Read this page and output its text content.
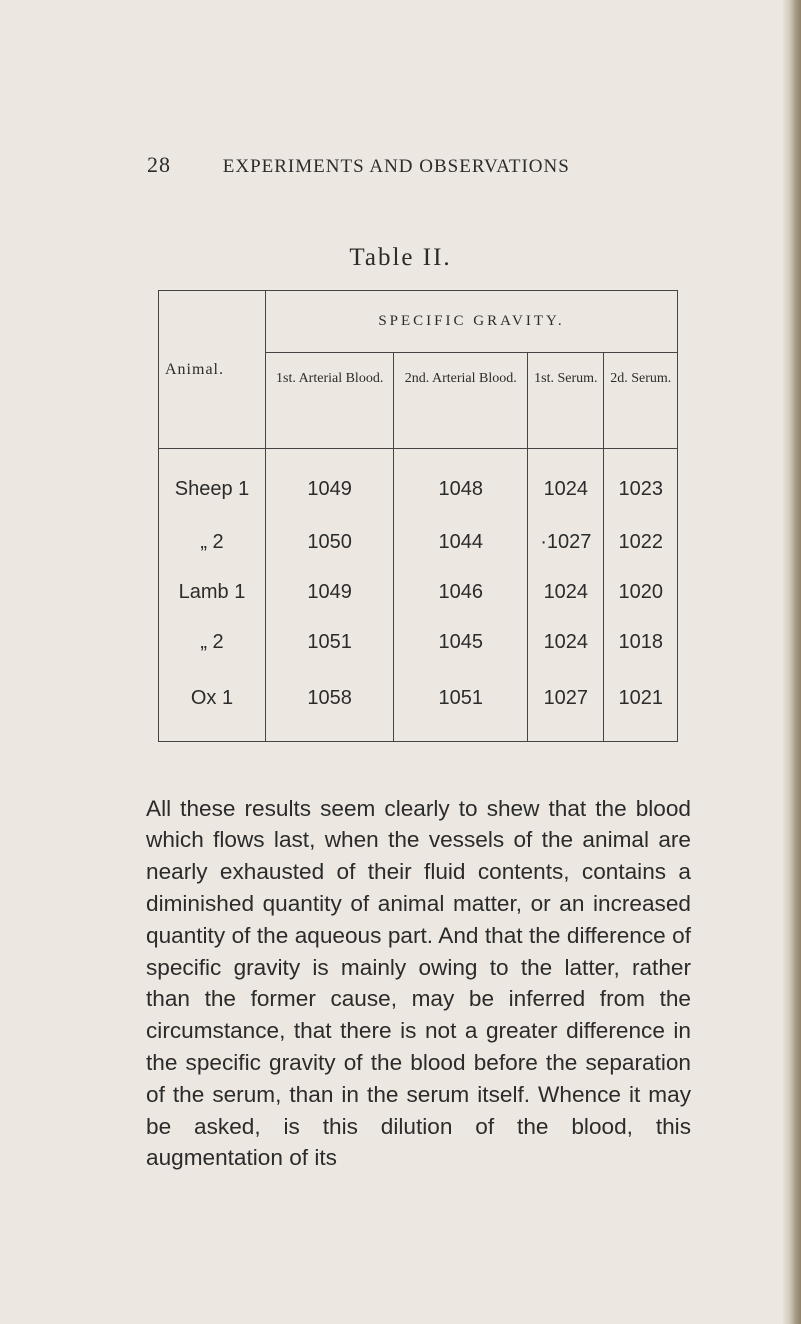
28	EXPERIMENTS AND OBSERVATIONS
Table II.
Animal.	SPECIFIC GRAVITY.			
	1st. Arterial Blood.	2nd. Arterial Blood.	1st. Serum.	2d. Serum.
Sheep 1	1049	1048	1024	1023
„ 2	1050	1044	·1027	1022
Lamb 1	1049	1046	1024	1020
„ 2	1051	1045	1024	1018
Ox 1	1058	1051	1027	1021

All these results seem clearly to shew that the blood which flows last, when the vessels of the animal are nearly exhausted of their fluid contents, contains a diminished quantity of animal matter, or an increased quantity of the aqueous part. And that the difference of specific gravity is mainly owing to the latter, rather than the former cause, may be inferred from the circumstance, that there is not a greater difference in the specific gravity of the blood before the separation of the serum, than in the serum itself. Whence it may be asked, is this dilution of the blood, this augmentation of its
